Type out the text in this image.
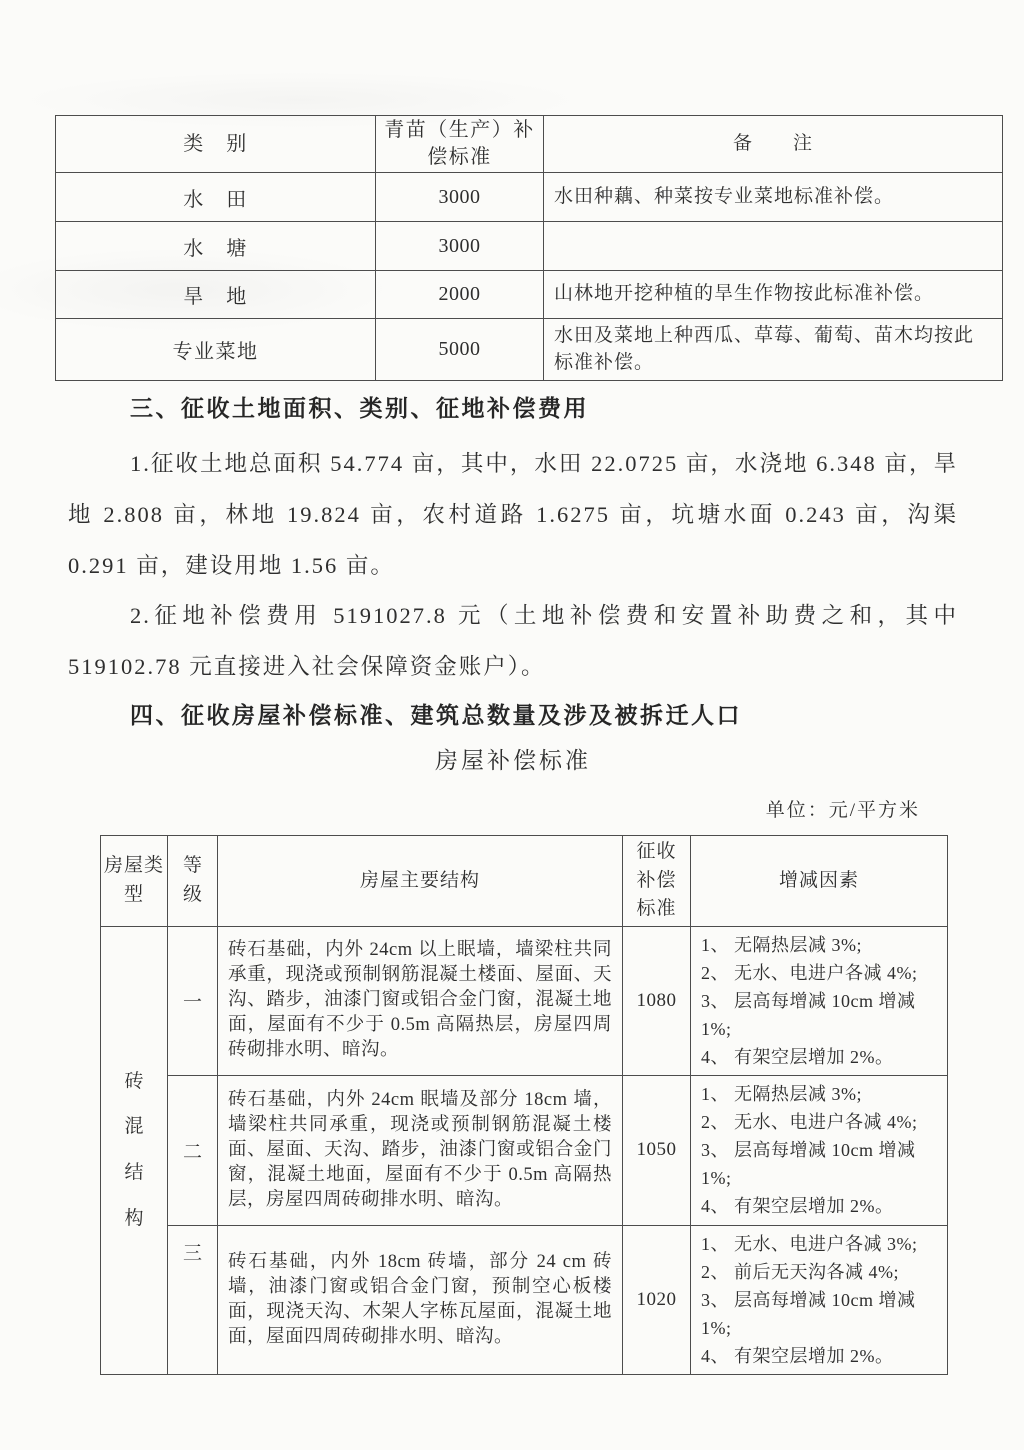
类　别	青苗（生产）补偿标准	备　　注
水　田	3000	水田种藕、种菜按专业菜地标准补偿。
水　塘	3000	
旱　地	2000	山林地开挖种植的旱生作物按此标准补偿。
专业菜地	5000	水田及菜地上种西瓜、草莓、葡萄、苗木均按此标准补偿。

三、征收土地面积、类别、征地补偿费用

1.征收土地总面积 54.774 亩，其中，水田 22.0725 亩，水浇地 6.348 亩，旱地 2.808 亩，林地 19.824 亩，农村道路 1.6275 亩，坑塘水面 0.243 亩，沟渠 0.291 亩，建设用地 1.56 亩。

2.征地补偿费用 5191027.8 元（土地补偿费和安置补助费之和，其中 519102.78 元直接进入社会保障资金账户）。

四、征收房屋补偿标准、建筑总数量及涉及被拆迁人口

房屋补偿标准

单位：元/平方米
房屋类型	等级	房屋主要结构	征收补偿标准	增减因素

砖混结构	一	砖石基础，内外 24cm 以上眠墙，墙梁柱共同承重，现浇或预制钢筋混凝土楼面、屋面、天沟、踏步，油漆门窗或铝合金门窗，混凝土地面，屋面有不少于 0.5m 高隔热层，房屋四周砖砌排水明、暗沟。	1080	1、 无隔热层减 3%;
2、 无水、电进户各减 4%;
3、 层高每增减 10cm 增减 1%;
4、 有架空层增加 2%。

	二	砖石基础，内外 24cm 眠墙及部分 18cm 墙，墙梁柱共同承重，现浇或预制钢筋混凝土楼面、屋面、天沟、踏步，油漆门窗或铝合金门窗，混凝土地面，屋面有不少于 0.5m 高隔热层，房屋四周砖砌排水明、暗沟。	1050	1、 无隔热层减 3%;
2、 无水、电进户各减 4%;
3、 层高每增减 10cm 增减 1%;
4、 有架空层增加 2%。

	三	砖石基础，内外 18cm 砖墙，部分 24 cm 砖墙，油漆门窗或铝合金门窗，预制空心板楼面，现浇天沟、木架人字栋瓦屋面，混凝土地面，屋面四周砖砌排水明、暗沟。	1020	1、 无水、电进户各减 3%;
2、 前后无天沟各减 4%;
3、 层高每增减 10cm 增减 1%;
4、 有架空层增加 2%。
